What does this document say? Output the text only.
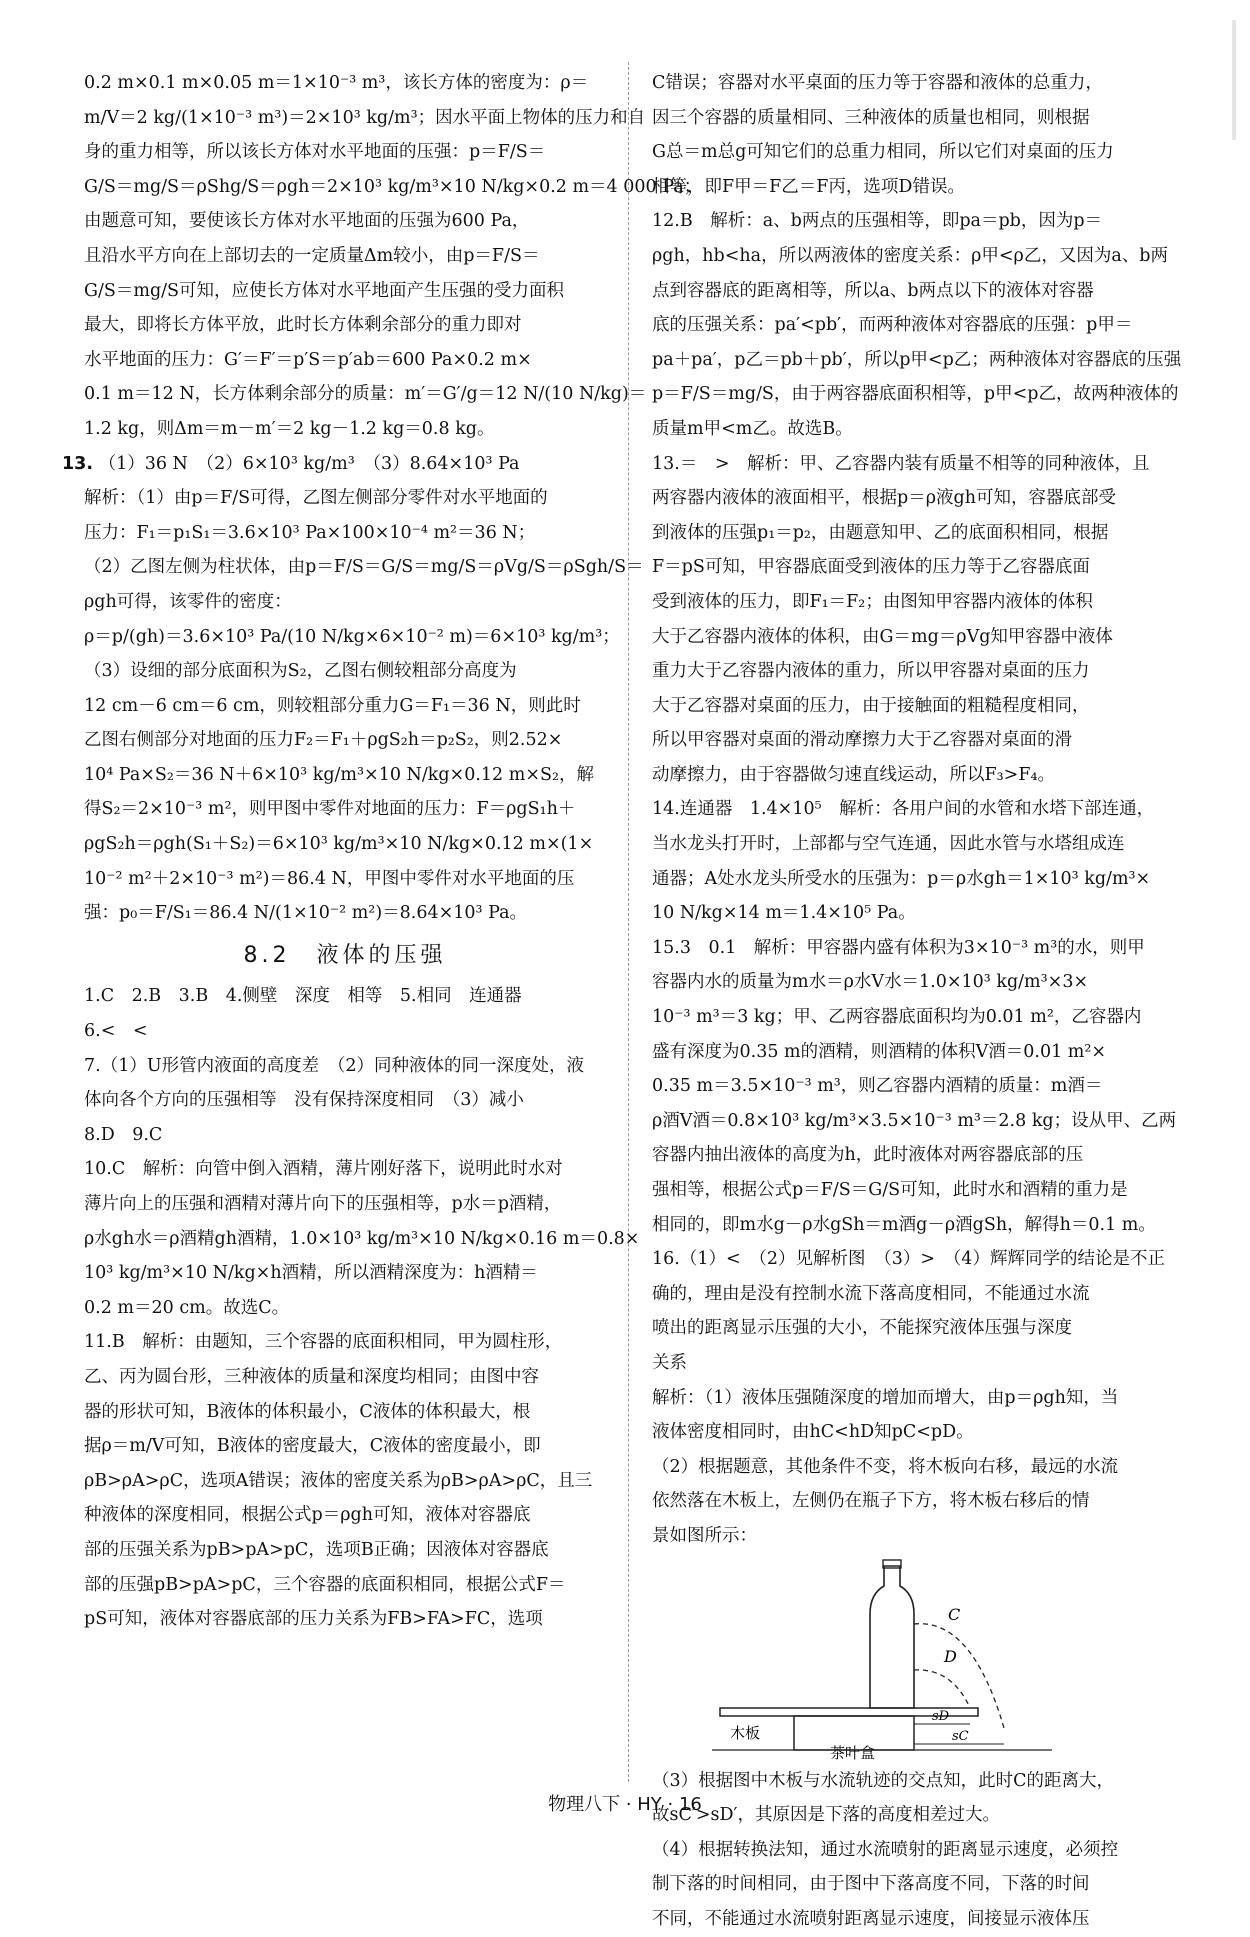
0.2 m×0.1 m×0.05 m＝1×10⁻³ m³，该长方体的密度为：ρ＝
m/V＝2 kg/(1×10⁻³ m³)＝2×10³ kg/m³；因水平面上物体的压力和自
身的重力相等，所以该长方体对水平地面的压强：p＝F/S＝
G/S＝mg/S＝ρShg/S＝ρgh＝2×10³ kg/m³×10 N/kg×0.2 m＝4 000 Pa；
由题意可知，要使该长方体对水平地面的压强为600 Pa，
且沿水平方向在上部切去的一定质量Δm较小，由p＝F/S＝
G/S＝mg/S可知，应使长方体对水平地面产生压强的受力面积
最大，即将长方体平放，此时长方体剩余部分的重力即对
水平地面的压力：G′＝F′＝p′S＝p′ab＝600 Pa×0.2 m×
0.1 m＝12 N，长方体剩余部分的质量：m′＝G′/g＝12 N/(10 N/kg)＝
1.2 kg，则Δm＝m－m′＝2 kg－1.2 kg＝0.8 kg。
13. （1）36 N　（2）6×10³ kg/m³　（3）8.64×10³ Pa
解析：（1）由p＝F/S可得，乙图左侧部分零件对水平地面的
压力：F₁＝p₁S₁＝3.6×10³ Pa×100×10⁻⁴ m²＝36 N；
（2）乙图左侧为柱状体，由p＝F/S＝G/S＝mg/S＝ρVg/S＝ρSgh/S＝
ρgh可得，该零件的密度：
ρ＝p/(gh)＝3.6×10³ Pa/(10 N/kg×6×10⁻² m)＝6×10³ kg/m³；
（3）设细的部分底面积为S₂，乙图右侧较粗部分高度为
12 cm－6 cm＝6 cm，则较粗部分重力G＝F₁＝36 N，则此时
乙图右侧部分对地面的压力F₂＝F₁＋ρgS₂h＝p₂S₂，则2.52×
10⁴ Pa×S₂＝36 N＋6×10³ kg/m³×10 N/kg×0.12 m×S₂，解
得S₂＝2×10⁻³ m²，则甲图中零件对地面的压力：F＝ρgS₁h＋
ρgS₂h＝ρgh(S₁＋S₂)＝6×10³ kg/m³×10 N/kg×0.12 m×(1×
10⁻² m²＋2×10⁻³ m²)＝86.4 N，甲图中零件对水平地面的压
强：p₀＝F/S₁＝86.4 N/(1×10⁻² m²)＝8.64×10³ Pa。
8.2　液体的压强
1.C　2.B　3.B　4.侧壁　深度　相等　5.相同　连通器
6.<　<
7.（1）U形管内液面的高度差　（2）同种液体的同一深度处，液
体向各个方向的压强相等　没有保持深度相同　（3）减小
8.D　9.C
10.C　解析：向管中倒入酒精，薄片刚好落下，说明此时水对
薄片向上的压强和酒精对薄片向下的压强相等，p水＝p酒精，
ρ水gh水＝ρ酒精gh酒精，1.0×10³ kg/m³×10 N/kg×0.16 m＝0.8×
10³ kg/m³×10 N/kg×h酒精，所以酒精深度为：h酒精＝
0.2 m＝20 cm。故选C。
11.B　解析：由题知，三个容器的底面积相同，甲为圆柱形，
乙、丙为圆台形，三种液体的质量和深度均相同；由图中容
器的形状可知，B液体的体积最小，C液体的体积最大，根
据ρ＝m/V可知，B液体的密度最大，C液体的密度最小，即
ρB>ρA>ρC，选项A错误；液体的密度关系为ρB>ρA>ρC，且三
种液体的深度相同，根据公式p＝ρgh可知，液体对容器底
部的压强关系为pB>pA>pC，选项B正确；因液体对容器底
部的压强pB>pA>pC，三个容器的底面积相同，根据公式F＝
pS可知，液体对容器底部的压力关系为FB>FA>FC，选项
C错误；容器对水平桌面的压力等于容器和液体的总重力，
因三个容器的质量相同、三种液体的质量也相同，则根据
G总＝m总g可知它们的总重力相同，所以它们对桌面的压力
相等，即F甲＝F乙＝F丙，选项D错误。
12.B　解析：a、b两点的压强相等，即pa＝pb，因为p＝
ρgh，hb<ha，所以两液体的密度关系：ρ甲<ρ乙，又因为a、b两
点到容器底的距离相等，所以a、b两点以下的液体对容器
底的压强关系：pa′<pb′，而两种液体对容器底的压强：p甲＝
pa＋pa′，p乙＝pb＋pb′，所以p甲<p乙；两种液体对容器底的压强
p＝F/S＝mg/S，由于两容器底面积相等，p甲<p乙，故两种液体的
质量m甲<m乙。故选B。
13.＝　>　解析：甲、乙容器内装有质量不相等的同种液体，且
两容器内液体的液面相平，根据p＝ρ液gh可知，容器底部受
到液体的压强p₁＝p₂，由题意知甲、乙的底面积相同，根据
F＝pS可知，甲容器底面受到液体的压力等于乙容器底面
受到液体的压力，即F₁＝F₂；由图知甲容器内液体的体积
大于乙容器内液体的体积，由G＝mg＝ρVg知甲容器中液体
重力大于乙容器内液体的重力，所以甲容器对桌面的压力
大于乙容器对桌面的压力，由于接触面的粗糙程度相同，
所以甲容器对桌面的滑动摩擦力大于乙容器对桌面的滑
动摩擦力，由于容器做匀速直线运动，所以F₃>F₄。
14.连通器　1.4×10⁵　解析：各用户间的水管和水塔下部连通，
当水龙头打开时，上部都与空气连通，因此水管与水塔组成连
通器；A处水龙头所受水的压强为：p＝ρ水gh＝1×10³ kg/m³×
10 N/kg×14 m＝1.4×10⁵ Pa。
15.3　0.1　解析：甲容器内盛有体积为3×10⁻³ m³的水，则甲
容器内水的质量为m水＝ρ水V水＝1.0×10³ kg/m³×3×
10⁻³ m³＝3 kg；甲、乙两容器底面积均为0.01 m²，乙容器内
盛有深度为0.35 m的酒精，则酒精的体积V酒＝0.01 m²×
0.35 m＝3.5×10⁻³ m³，则乙容器内酒精的质量：m酒＝
ρ酒V酒＝0.8×10³ kg/m³×3.5×10⁻³ m³＝2.8 kg；设从甲、乙两
容器内抽出液体的高度为h，此时液体对两容器底部的压
强相等，根据公式p＝F/S＝G/S可知，此时水和酒精的重力是
相同的，即m水g－ρ水gSh＝m酒g－ρ酒gSh，解得h＝0.1 m。
16.（1）<　（2）见解析图　（3）>　（4）辉辉同学的结论是不正
确的，理由是没有控制水流下落高度相同，不能通过水流
喷出的距离显示压强的大小，不能探究液体压强与深度
关系
解析：（1）液体压强随深度的增加而增大，由p＝ρgh知，当
液体密度相同时，由hC<hD知pC<pD。
（2）根据题意，其他条件不变，将木板向右移，最远的水流
依然落在木板上，左侧仍在瓶子下方，将木板右移后的情
景如图所示：
C
D
木板
茶叶盒
sD
sC
（3）根据图中木板与水流轨迹的交点知，此时C的距离大，
故sC′>sD′，其原因是下落的高度相差过大。
（4）根据转换法知，通过水流喷射的距离显示速度，必须控
制下落的时间相同，由于图中下落高度不同，下落的时间
不同，不能通过水流喷射距离显示速度，间接显示液体压
物理八下 · HY · 16
